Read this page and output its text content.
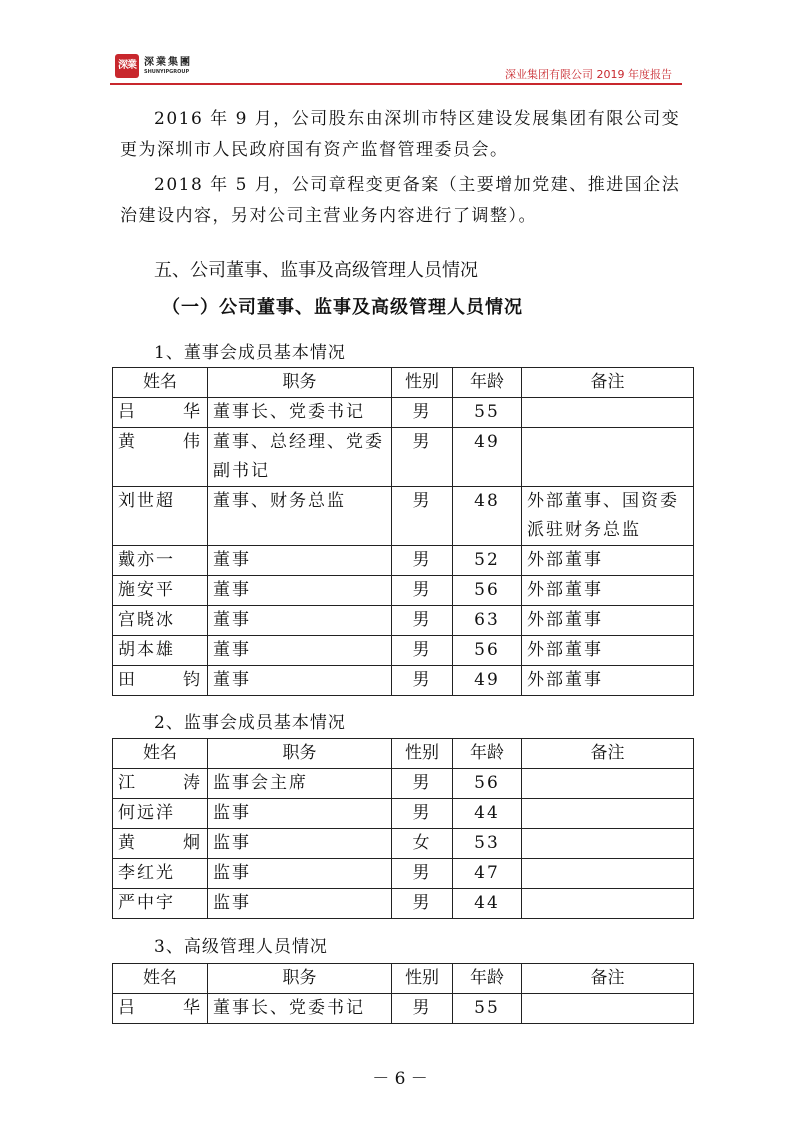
深業 深業集團
SHUNYIPGROUP	深业集团有限公司 2019 年度报告
2016 年 9 月，公司股东由深圳市特区建设发展集团有限公司变更为深圳市人民政府国有资产监督管理委员会。
2018 年 5 月，公司章程变更备案（主要增加党建、推进国企法治建设内容，另对公司主营业务内容进行了调整）。
五、公司董事、监事及高级管理人员情况
（一）公司董事、监事及高级管理人员情况
1、董事会成员基本情况
姓名	职务	性别	年龄	备注
吕华	董事长、党委书记	男	55	
黄伟	董事、总经理、党委副书记	男	49	
刘世超	董事、财务总监	男	48	外部董事、国资委派驻财务总监
戴亦一	董事	男	52	外部董事
施安平	董事	男	56	外部董事
宫晓冰	董事	男	63	外部董事
胡本雄	董事	男	56	外部董事
田钧	董事	男	49	外部董事
2、监事会成员基本情况
姓名	职务	性别	年龄	备注
江涛	监事会主席	男	56	
何远洋	监事	男	44	
黄炯	监事	女	53	
李红光	监事	男	47	
严中宇	监事	男	44	
3、高级管理人员情况
姓名	职务	性别	年龄	备注
吕华	董事长、党委书记	男	55	
－ 6 －
